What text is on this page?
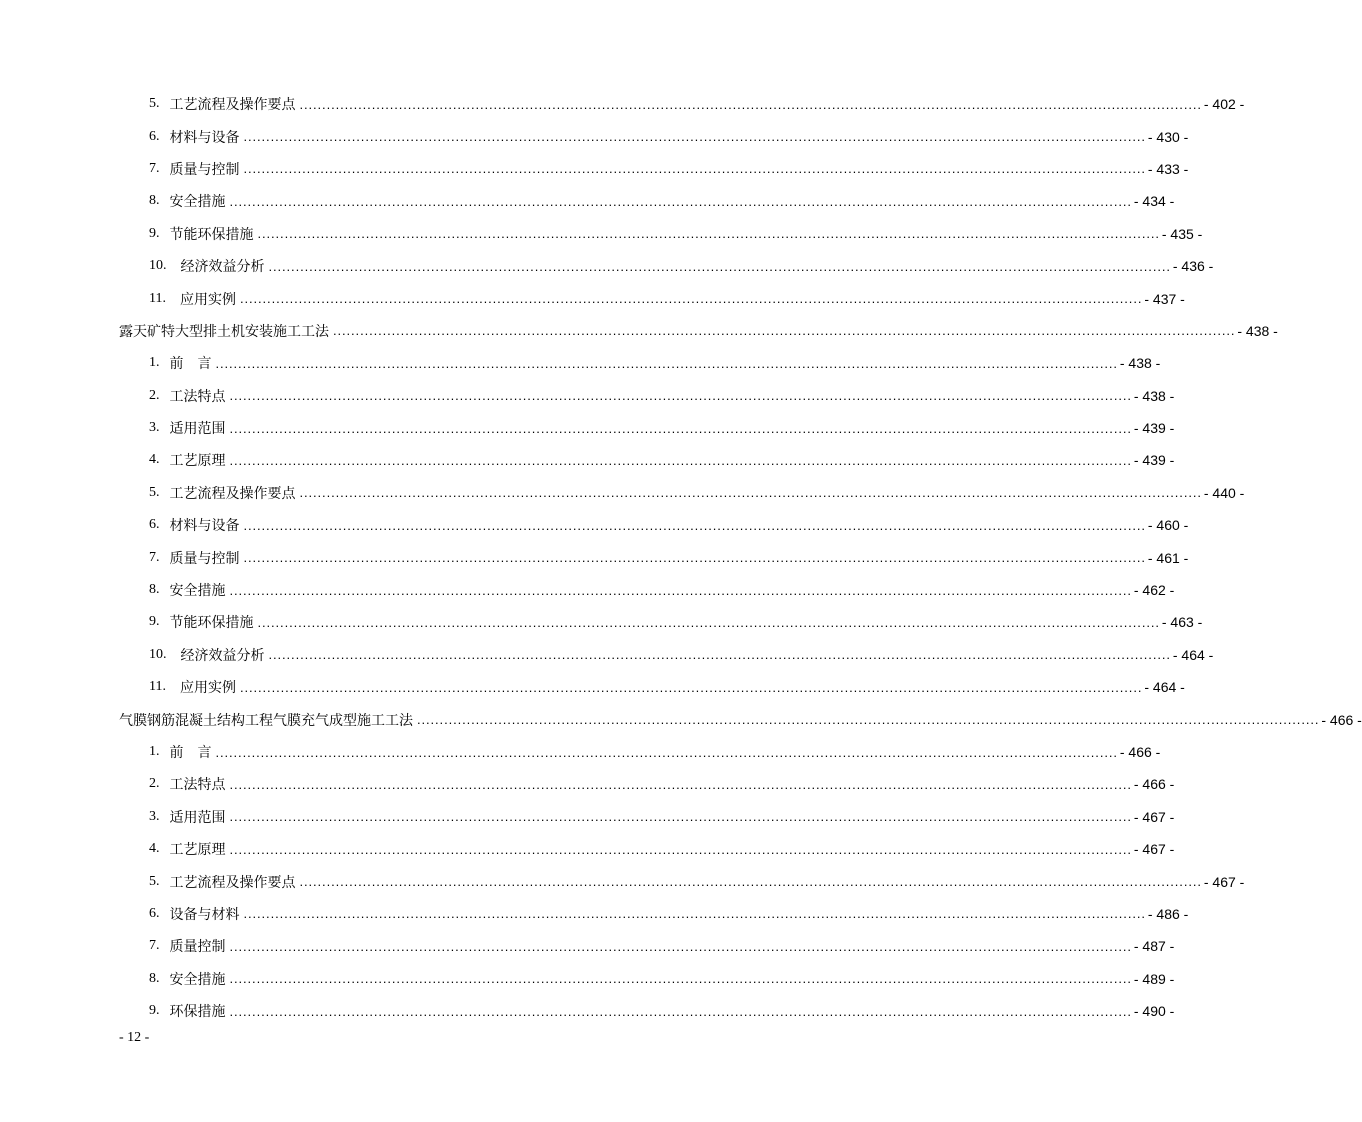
5. 工艺流程及操作要点 ........................................................................................................................................................................................................ - 402 -
6. 材料与设备 ........................................................................................................................................................................................................ - 430 -
7. 质量与控制 ........................................................................................................................................................................................................ - 433 -
8. 安全措施 ........................................................................................................................................................................................................ - 434 -
9. 节能环保措施 ........................................................................................................................................................................................................ - 435 -
10. 经济效益分析 ........................................................................................................................................................................................................ - 436 -
11. 应用实例 ........................................................................................................................................................................................................ - 437 -
露天矿特大型排土机安装施工工法 ........................................................................................................................................................................................................ - 438 -
1. 前　言 ........................................................................................................................................................................................................ - 438 -
2. 工法特点 ........................................................................................................................................................................................................ - 438 -
3. 适用范围 ........................................................................................................................................................................................................ - 439 -
4. 工艺原理 ........................................................................................................................................................................................................ - 439 -
5. 工艺流程及操作要点 ........................................................................................................................................................................................................ - 440 -
6. 材料与设备 ........................................................................................................................................................................................................ - 460 -
7. 质量与控制 ........................................................................................................................................................................................................ - 461 -
8. 安全措施 ........................................................................................................................................................................................................ - 462 -
9. 节能环保措施 ........................................................................................................................................................................................................ - 463 -
10. 经济效益分析 ........................................................................................................................................................................................................ - 464 -
11. 应用实例 ........................................................................................................................................................................................................ - 464 -
气膜钢筋混凝土结构工程气膜充气成型施工工法 ........................................................................................................................................................................................................ - 466 -
1. 前　言 ........................................................................................................................................................................................................ - 466 -
2. 工法特点 ........................................................................................................................................................................................................ - 466 -
3. 适用范围 ........................................................................................................................................................................................................ - 467 -
4. 工艺原理 ........................................................................................................................................................................................................ - 467 -
5. 工艺流程及操作要点 ........................................................................................................................................................................................................ - 467 -
6. 设备与材料 ........................................................................................................................................................................................................ - 486 -
7. 质量控制 ........................................................................................................................................................................................................ - 487 -
8. 安全措施 ........................................................................................................................................................................................................ - 489 -
9. 环保措施 ........................................................................................................................................................................................................ - 490 -
- 12 -
